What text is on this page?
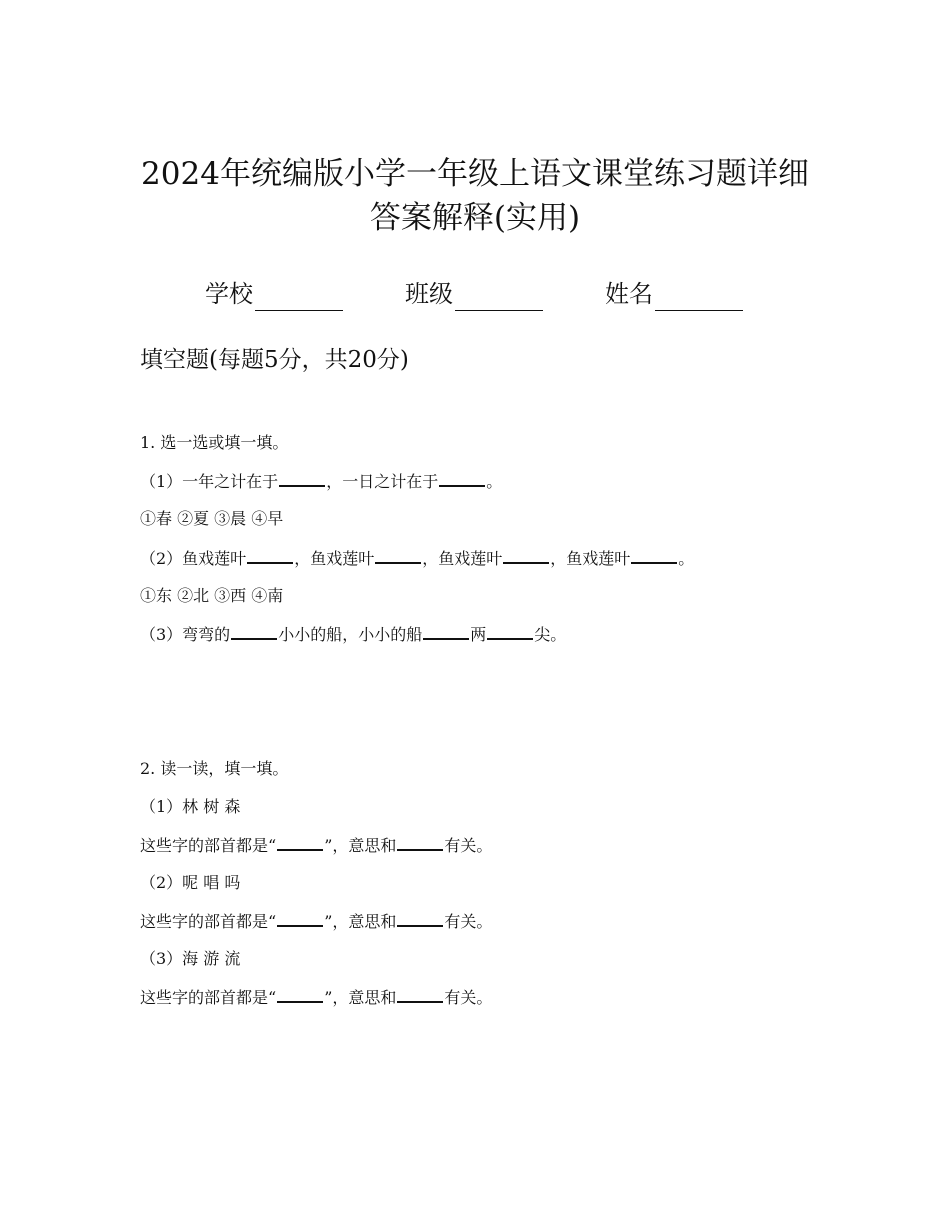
2024年统编版小学一年级上语文课堂练习题详细
答案解释(实用)
学校	班级	姓名
填空题(每题5分，共20分)
1. 选一选或填一填。
（1）一年之计在于	，一日之计在于	。
①春 ②夏 ③晨 ④早
（2）鱼戏莲叶	，鱼戏莲叶	，鱼戏莲叶	，鱼戏莲叶	。
①东 ②北 ③西 ④南
（3）弯弯的	小小的船，小小的船	两	尖。
2. 读一读，填一填。
（1）林 树 森
这些字的部首都是“	”，意思和	有关。
（2）呢 唱 吗
这些字的部首都是“	”，意思和	有关。
（3）海 游 流
这些字的部首都是“	”，意思和	有关。
